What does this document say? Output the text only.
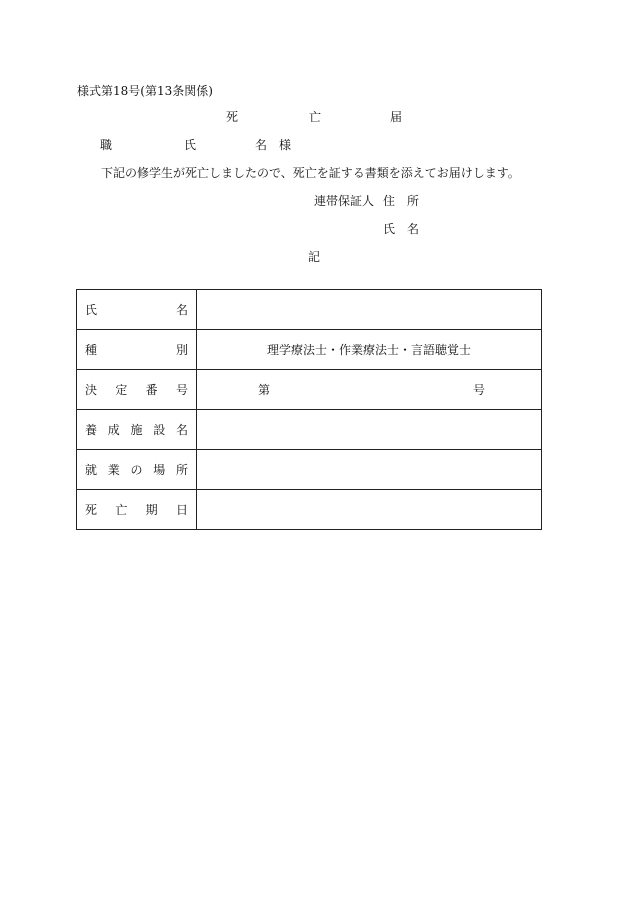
様式第18号(第13条関係)
死	亡	届
職	氏	名 様
下記の修学生が死亡しましたので、死亡を証する書類を添えてお届けします。
連帯保証人 住 所
氏 名
記
氏 名	

種 別	理学療法士・作業療法士・言語聴覚士

決 定 番 号	第 号

養 成 施 設 名	

就 業 の 場 所	

死 亡 期 日	
